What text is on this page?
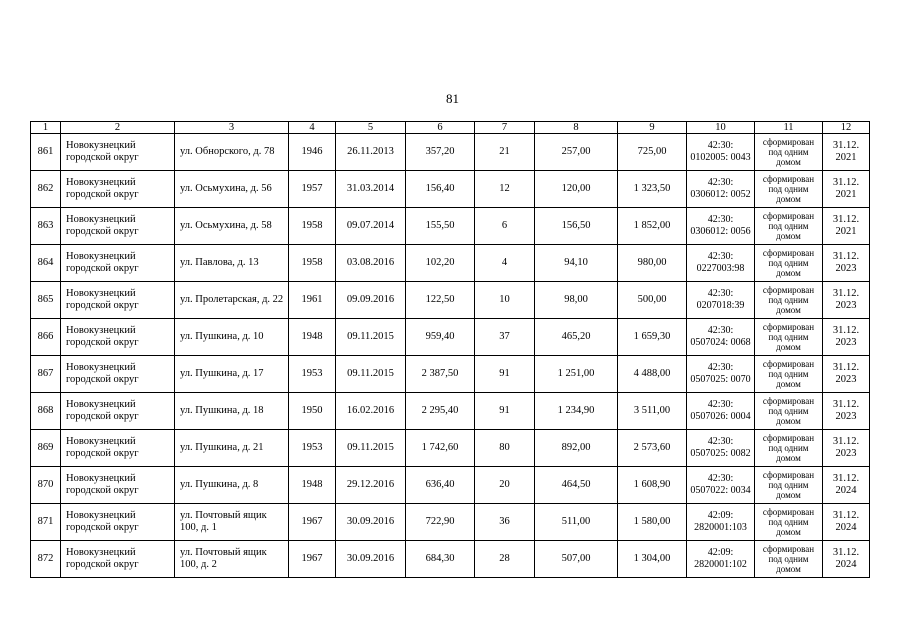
81
1	2	3	4	5	6	7	8	9	10	11	12
861	Новокузнецкий городской округ	ул. Обнорского, д. 78	1946	26.11.2013	357,20	21	257,00	725,00	42:30: 0102005: 0043	сформирован под одним домом	31.12. 2021
862	Новокузнецкий городской округ	ул. Осьмухина, д. 56	1957	31.03.2014	156,40	12	120,00	1 323,50	42:30: 0306012: 0052	сформирован под одним домом	31.12. 2021
863	Новокузнецкий городской округ	ул. Осьмухина, д. 58	1958	09.07.2014	155,50	6	156,50	1 852,00	42:30: 0306012: 0056	сформирован под одним домом	31.12. 2021
864	Новокузнецкий городской округ	ул. Павлова, д. 13	1958	03.08.2016	102,20	4	94,10	980,00	42:30: 0227003:98	сформирован под одним домом	31.12. 2023
865	Новокузнецкий городской округ	ул. Пролетарская, д. 22	1961	09.09.2016	122,50	10	98,00	500,00	42:30: 0207018:39	сформирован под одним домом	31.12. 2023
866	Новокузнецкий городской округ	ул. Пушкина, д. 10	1948	09.11.2015	959,40	37	465,20	1 659,30	42:30: 0507024: 0068	сформирован под одним домом	31.12. 2023
867	Новокузнецкий городской округ	ул. Пушкина, д. 17	1953	09.11.2015	2 387,50	91	1 251,00	4 488,00	42:30: 0507025: 0070	сформирован под одним домом	31.12. 2023
868	Новокузнецкий городской округ	ул. Пушкина, д. 18	1950	16.02.2016	2 295,40	91	1 234,90	3 511,00	42:30: 0507026: 0004	сформирован под одним домом	31.12. 2023
869	Новокузнецкий городской округ	ул. Пушкина, д. 21	1953	09.11.2015	1 742,60	80	892,00	2 573,60	42:30: 0507025: 0082	сформирован под одним домом	31.12. 2023
870	Новокузнецкий городской округ	ул. Пушкина, д. 8	1948	29.12.2016	636,40	20	464,50	1 608,90	42:30: 0507022: 0034	сформирован под одним домом	31.12. 2024
871	Новокузнецкий городской округ	ул. Почтовый ящик 100, д. 1	1967	30.09.2016	722,90	36	511,00	1 580,00	42:09: 2820001:103	сформирован под одним домом	31.12. 2024
872	Новокузнецкий городской округ	ул. Почтовый ящик 100, д. 2	1967	30.09.2016	684,30	28	507,00	1 304,00	42:09: 2820001:102	сформирован под одним домом	31.12. 2024
